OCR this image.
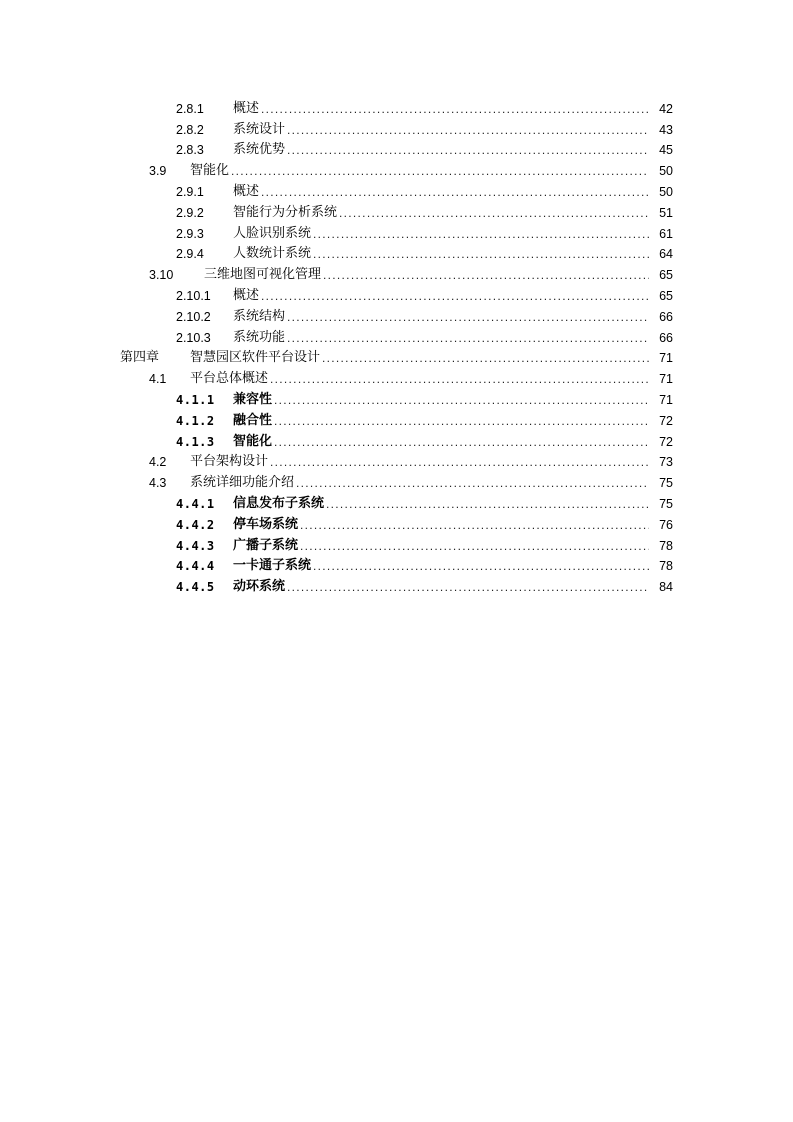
2.8.1	概述 .....	42
2.8.2	系统设计 .....	43
2.8.3	系统优势 .....	45
3.9	智能化 .....	50
2.9.1	概述 .....	50
2.9.2	智能行为分析系统 .....	51
2.9.3	人脸识别系统 .....	61
2.9.4	人数统计系统 .....	64
3.10	三维地图可视化管理 .....	65
2.10.1	概述 .....	65
2.10.2	系统结构 .....	66
2.10.3	系统功能 .....	66
第四章	智慧园区软件平台设计 .....	71
4.1	平台总体概述 .....	71
4.1.1	兼容性 .....	71
4.1.2	融合性 .....	72
4.1.3	智能化 .....	72
4.2	平台架构设计 .....	73
4.3	系统详细功能介绍 .....	75
4.4.1	信息发布子系统 .....	75
4.4.2	停车场系统 .....	76
4.4.3	广播子系统 .....	78
4.4.4	一卡通子系统 .....	78
4.4.5	动环系统 .....	84
